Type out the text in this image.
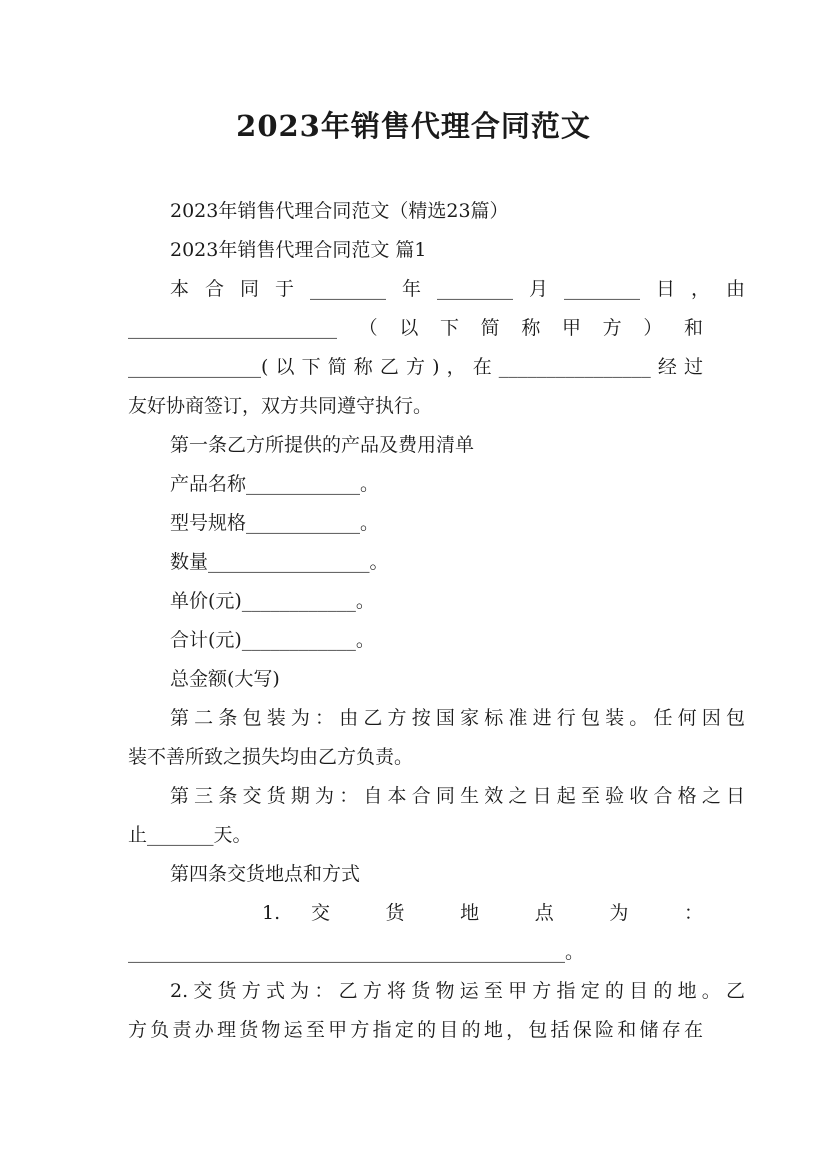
2023年销售代理合同范文
2023年销售代理合同范文（精选23篇）
2023年销售代理合同范文 篇1
本合同于________年________月________日，由
______________________（以下简称甲方）和
______________(以下简称乙方)，在________________经过
友好协商签订，双方共同遵守执行。
第一条乙方所提供的产品及费用清单
产品名称____________。
型号规格____________。
数量_________________。
单价(元)____________。
合计(元)____________。
总金额(大写)
第二条包装为：由乙方按国家标准进行包装。任何因包
装不善所致之损失均由乙方负责。
第三条交货期为：自本合同生效之日起至验收合格之日
止_______天。
第四条交货地点和方式
1. 交 货 地 点 为 ：
______________________________________________。
2.交货方式为：乙方将货物运至甲方指定的目的地。乙
方负责办理货物运至甲方指定的目的地，包括保险和储存在
